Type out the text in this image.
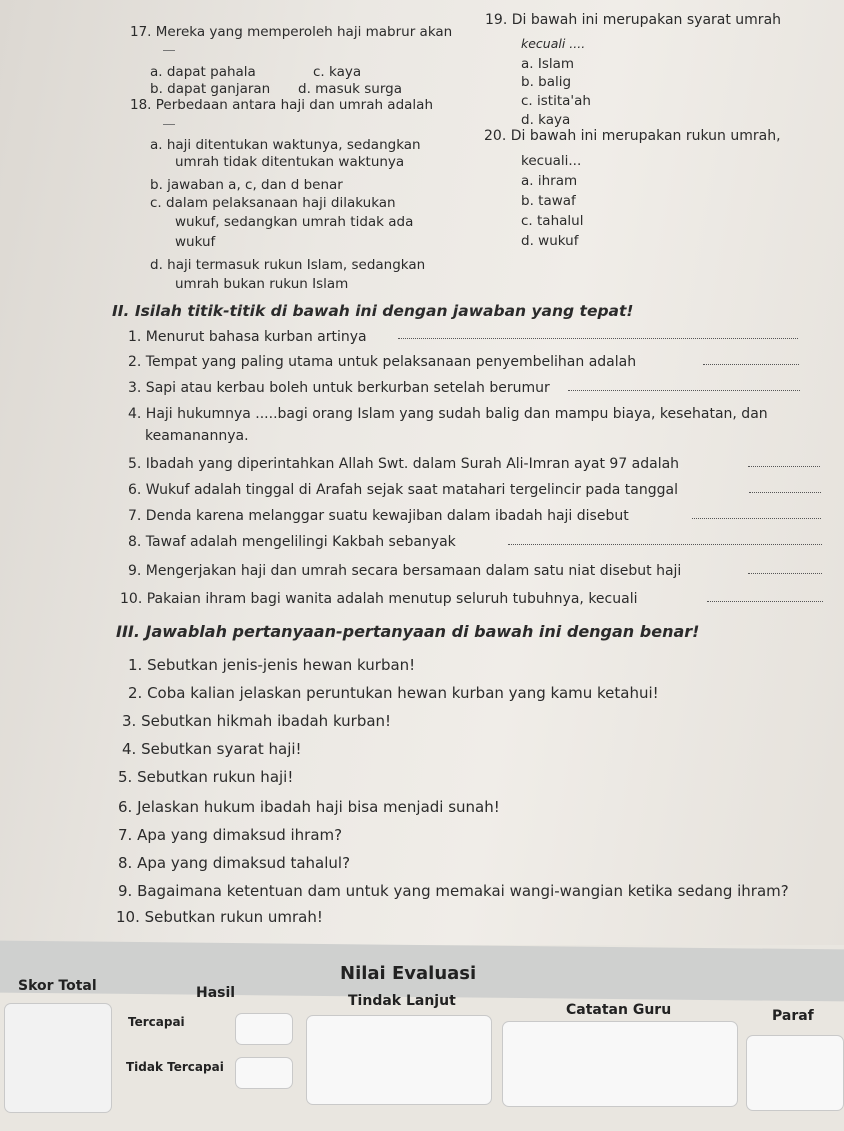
17. Mereka yang memperoleh haji mabrur akan
a. dapat pahala	c. kaya
b. dapat ganjaran d. masuk surga
18. Perbedaan antara haji dan umrah adalah
a. haji ditentukan waktunya, sedangkan
umrah tidak ditentukan waktunya
b. jawaban a, c, dan d benar
c. dalam pelaksanaan haji dilakukan
wukuf, sedangkan umrah tidak ada
wukuf
d. haji termasuk rukun Islam, sedangkan
umrah bukan rukun Islam
19. Di bawah ini merupakan syarat umrah
kecuali ....
a. Islam
b. balig
c. istita'ah
d. kaya
20. Di bawah ini merupakan rukun umrah,
kecuali...
a. ihram
b. tawaf
c. tahalul
d. wukuf
II. Isilah titik-titik di bawah ini dengan jawaban yang tepat!
1. Menurut bahasa kurban artinya
2. Tempat yang paling utama untuk pelaksanaan penyembelihan adalah
3. Sapi atau kerbau boleh untuk berkurban setelah berumur
4. Haji hukumnya .....bagi orang Islam yang sudah balig dan mampu biaya, kesehatan, dan
keamanannya.
5. Ibadah yang diperintahkan Allah Swt. dalam Surah Ali-Imran ayat 97 adalah
6. Wukuf adalah tinggal di Arafah sejak saat matahari tergelincir pada tanggal
7. Denda karena melanggar suatu kewajiban dalam ibadah haji disebut
8. Tawaf adalah mengelilingi Kakbah sebanyak
9. Mengerjakan haji dan umrah secara bersamaan dalam satu niat disebut haji
10. Pakaian ihram bagi wanita adalah menutup seluruh tubuhnya, kecuali
III. Jawablah pertanyaan-pertanyaan di bawah ini dengan benar!
1. Sebutkan jenis-jenis hewan kurban!
2. Coba kalian jelaskan peruntukan hewan kurban yang kamu ketahui!
3. Sebutkan hikmah ibadah kurban!
4. Sebutkan syarat haji!
5. Sebutkan rukun haji!
6. Jelaskan hukum ibadah haji bisa menjadi sunah!
7. Apa yang dimaksud ihram?
8. Apa yang dimaksud tahalul?
9. Bagaimana ketentuan dam untuk yang memakai wangi-wangian ketika sedang ihram?
10. Sebutkan rukun umrah!
Nilai Evaluasi
Skor Total	Hasil	Tindak Lanjut
Catatan Guru	Paraf
Tercapai
Tidak Tercapai
